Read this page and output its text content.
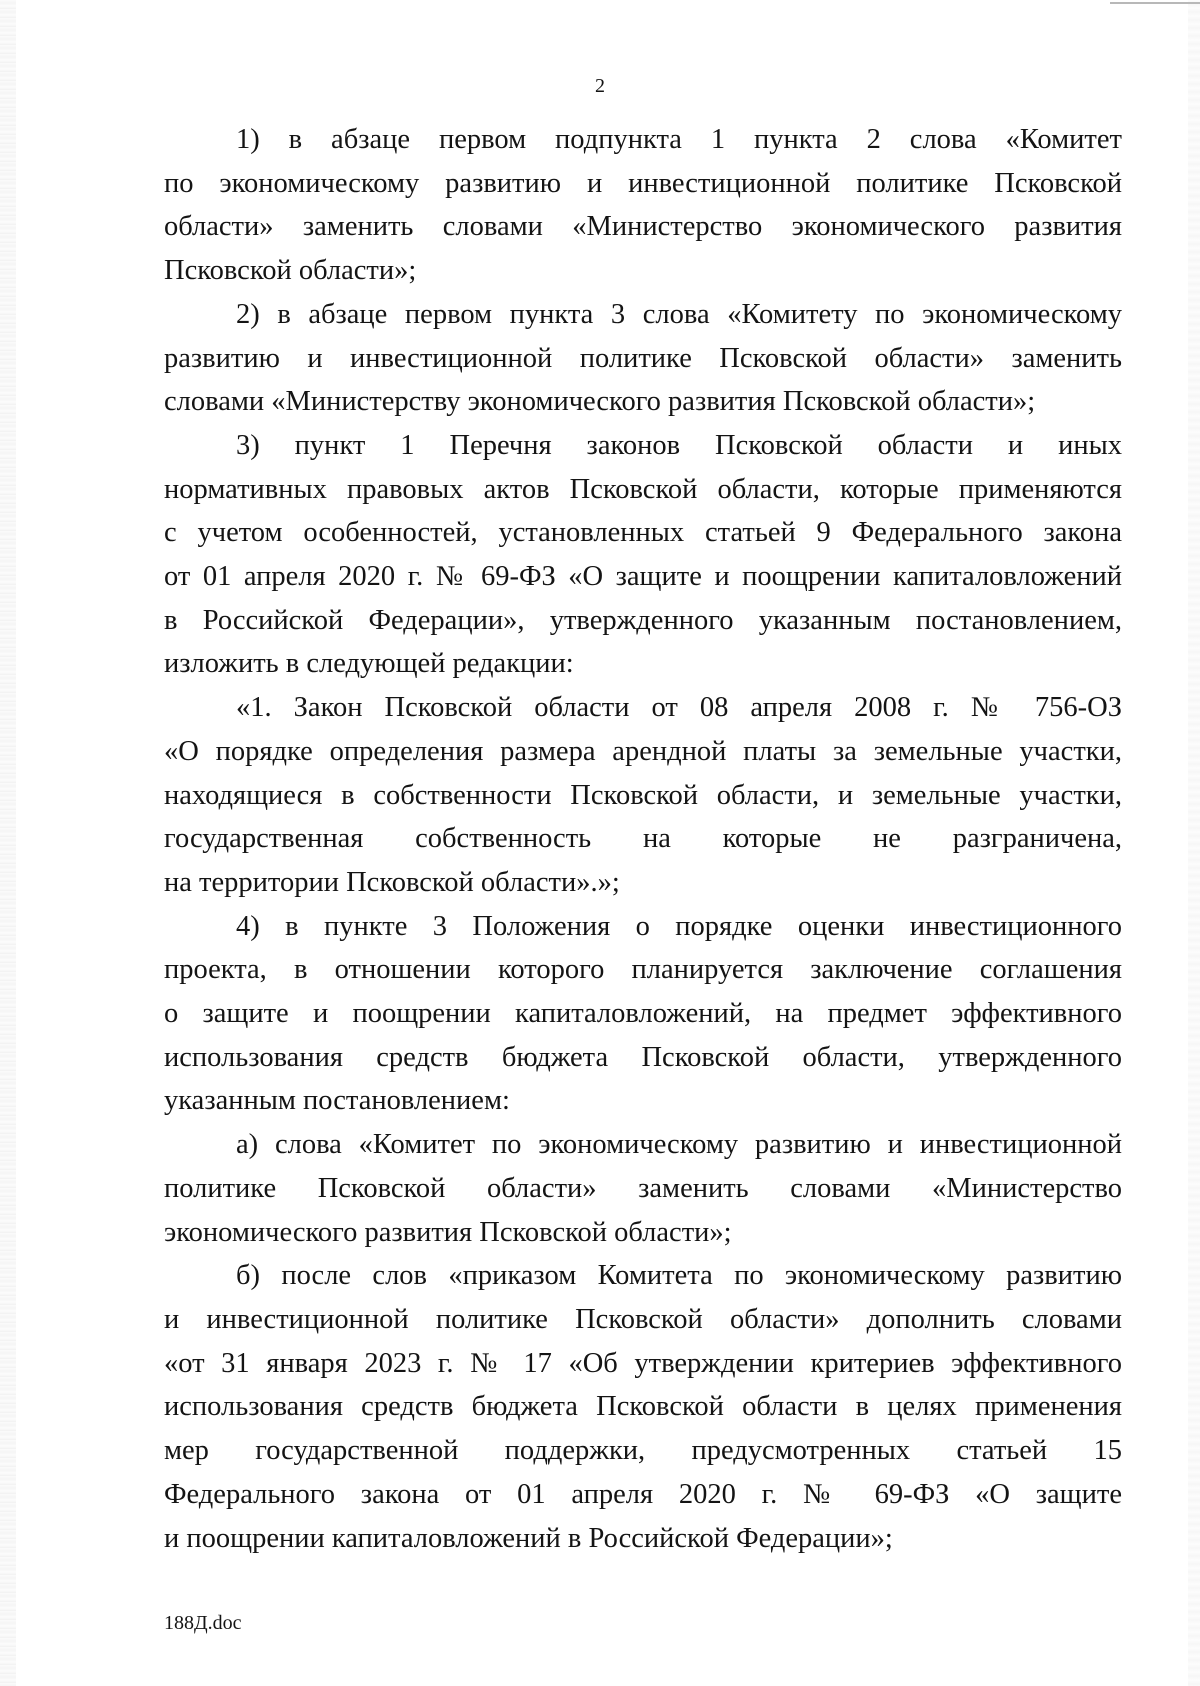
2

1) в абзаце первом подпункта 1 пункта 2 слова «Комитет
по экономическому развитию и инвестиционной политике Псковской
области» заменить словами «Министерство экономического развития
Псковской области»;

2) в абзаце первом пункта 3 слова «Комитету по экономическому
развитию и инвестиционной политике Псковской области» заменить
словами «Министерству экономического развития Псковской области»;

3) пункт 1 Перечня законов Псковской области и иных
нормативных правовых актов Псковской области, которые применяются
с учетом особенностей, установленных статьей 9 Федерального закона
от 01 апреля 2020 г. № 69-ФЗ «О защите и поощрении капиталовложений
в Российской Федерации», утвержденного указанным постановлением,
изложить в следующей редакции:

«1. Закон Псковской области от 08 апреля 2008 г. № 756-ОЗ
«О порядке определения размера арендной платы за земельные участки,
находящиеся в собственности Псковской области, и земельные участки,
государственная собственность на которые не разграничена,
на территории Псковской области».»;

4) в пункте 3 Положения о порядке оценки инвестиционного
проекта, в отношении которого планируется заключение соглашения
о защите и поощрении капиталовложений, на предмет эффективного
использования средств бюджета Псковской области, утвержденного
указанным постановлением:

а) слова «Комитет по экономическому развитию и инвестиционной
политике Псковской области» заменить словами «Министерство
экономического развития Псковской области»;

б) после слов «приказом Комитета по экономическому развитию
и инвестиционной политике Псковской области» дополнить словами
«от 31 января 2023 г. № 17 «Об утверждении критериев эффективного
использования средств бюджета Псковской области в целях применения
мер государственной поддержки, предусмотренных статьей 15
Федерального закона от 01 апреля 2020 г. № 69-ФЗ «О защите
и поощрении капиталовложений в Российской Федерации»;

188Д.doc
